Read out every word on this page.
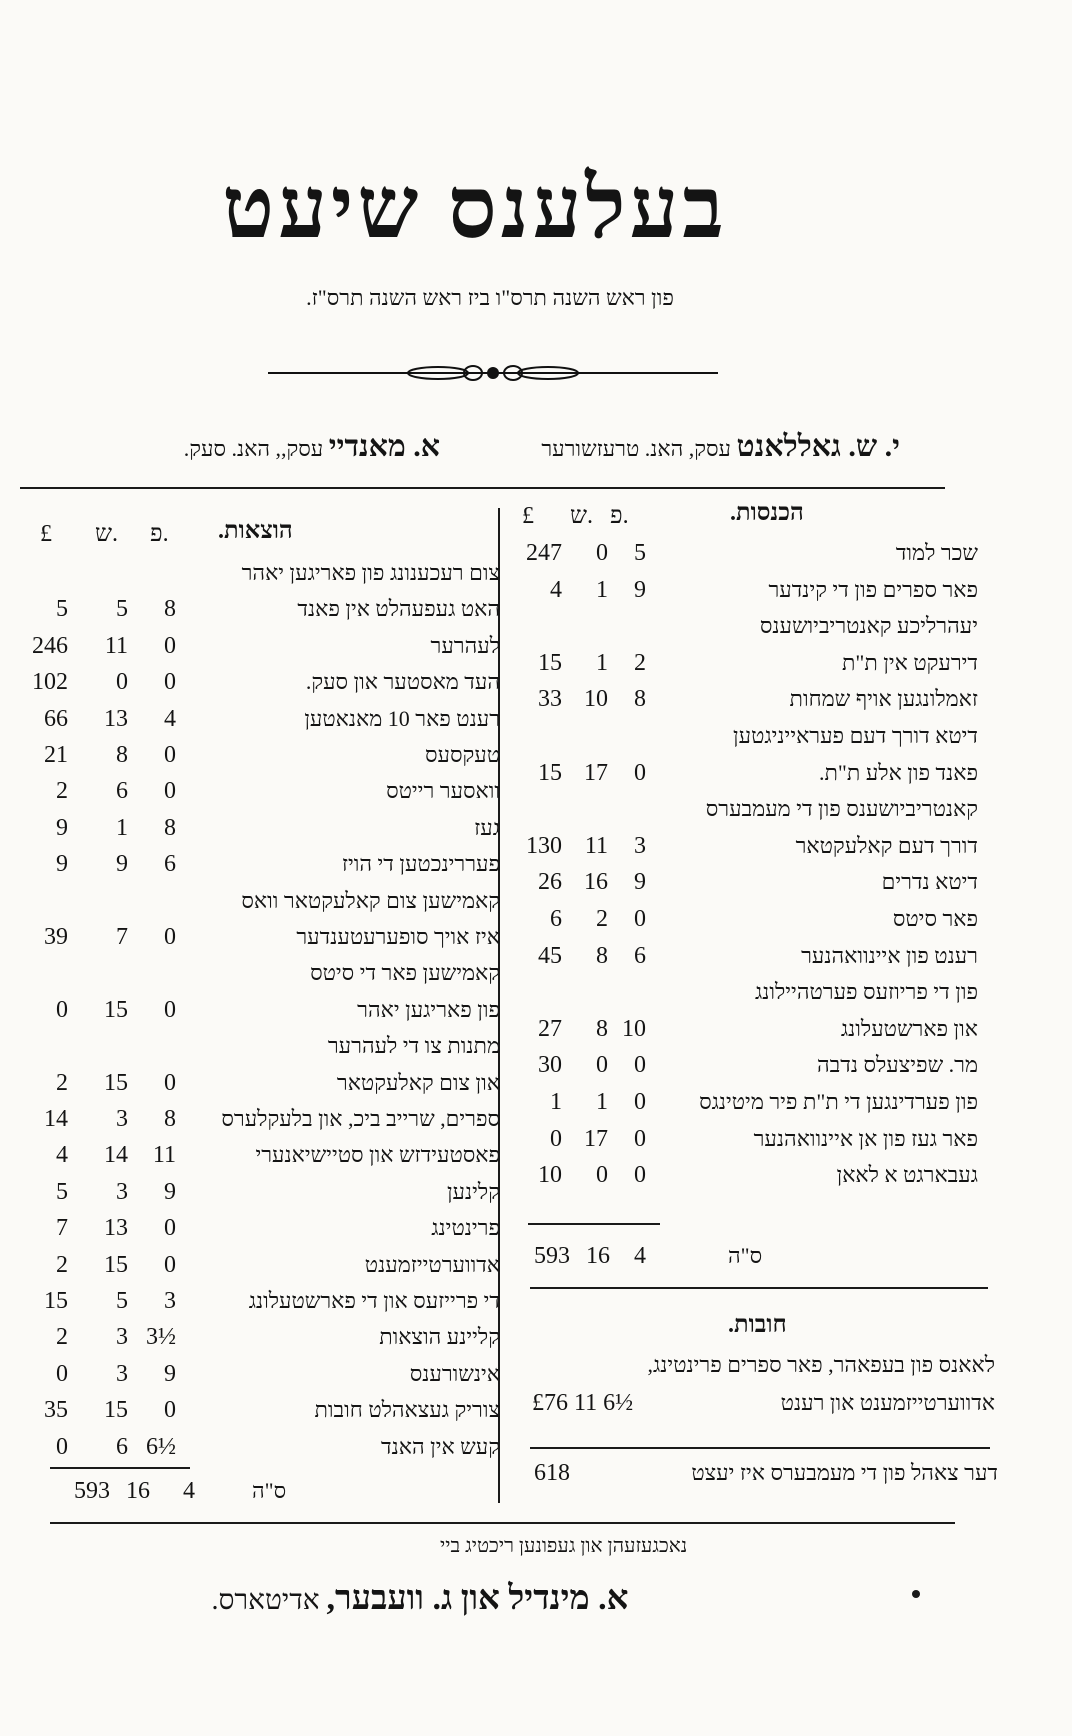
בעלענס שיעט
פון ראש השנה תרס"ו ביז ראש השנה תרס"ז.
י. ש. גאללאנט עסק, האנ. טרעזשורער
א. מאנדיי עסק,, האנ. סעק.
הכנסות.
פ.
ש.
£
שכר למוד
247	0	5
פאר ספרים פון די קינדער
4	1	9
יעהרליכע קאנטריביושענס
דירעקט אין ת"ת
15	1	2
זאמלונגען אויף שמחות
33 10	8
דיטא דורך דעם פעראייניגטען
פאנד פון אלע ת"ת.
15 17	0
קאנטריביושענס פון די מעמבערס
דורך דעם קאלעקטאר
130 11	3
דיטא נדרים
26 16	9
פאר סיטס
6	2	0
רענט פון איינוואהנער
45	8	6
פון די פריוזעס פערטהיילונג
און פארשטעלונג
27	8 10
מר. שפיצעלס נדבה
30	0	0
פון פערדינגען די ת"ת פיר מיטינגס
1	1	0
פאר געז פון אן איינוואהנער
0 17	0
געבארגט א לאאן
10	0	0
ס"ה
593 16	4
חובות.
לאאנס פון בעפאהר, פאר ספרים פרינטינג,
אדווערטייזמענט און רענט
£76 11 6½
דער צאהל פון די מעמבערס איז יעצט
618
הוצאות.
פ.
ש.
£
צום רעכענונג פון פאריגען יאהר
האט געפעהלט אין פאנד
5	5	8
לעהרער
246	11	0
העד מאסטער און סעק.
102	0	0
רענט פאר 10 מאנאטען
66	13	4
טעקסעס
21	8	0
וואסער רייטס
2	6	0
געז
9	1	8
פעררינכטען די הויז
9	9	6
קאמישען צום קאלעקטאר וואס
איז אויך סופערעטענדער
39	7	0
קאמישען פאר די סיטס
פון פאריגען יאהר
0	15	0
מתנות צו די לעהרער
און צום קאלעקטאר
2	15	0
ספרים, שרייב ביכ, און בלעקלערס
14	3	8
פאסטעידזש און סטיישיאנערי
4	14	11
קלינען
5	3	9
פרינטינג
7	13	0
אדווערטייזמענט
2	15	0
די פרייזעס און די פארשטעלונג
15	5	3
קליינע הוצאות
2	3 3½
אינשורענס
0	3	9
צוריק געצאהלט חובות
35	15	0
קעש אין האנד
0	6 6½
ס"ה
593 16	4
נאכגעזעהן און געפונען ריכטיג ביי
א. מינדיל און ג. וועבער, אדיטארס.
